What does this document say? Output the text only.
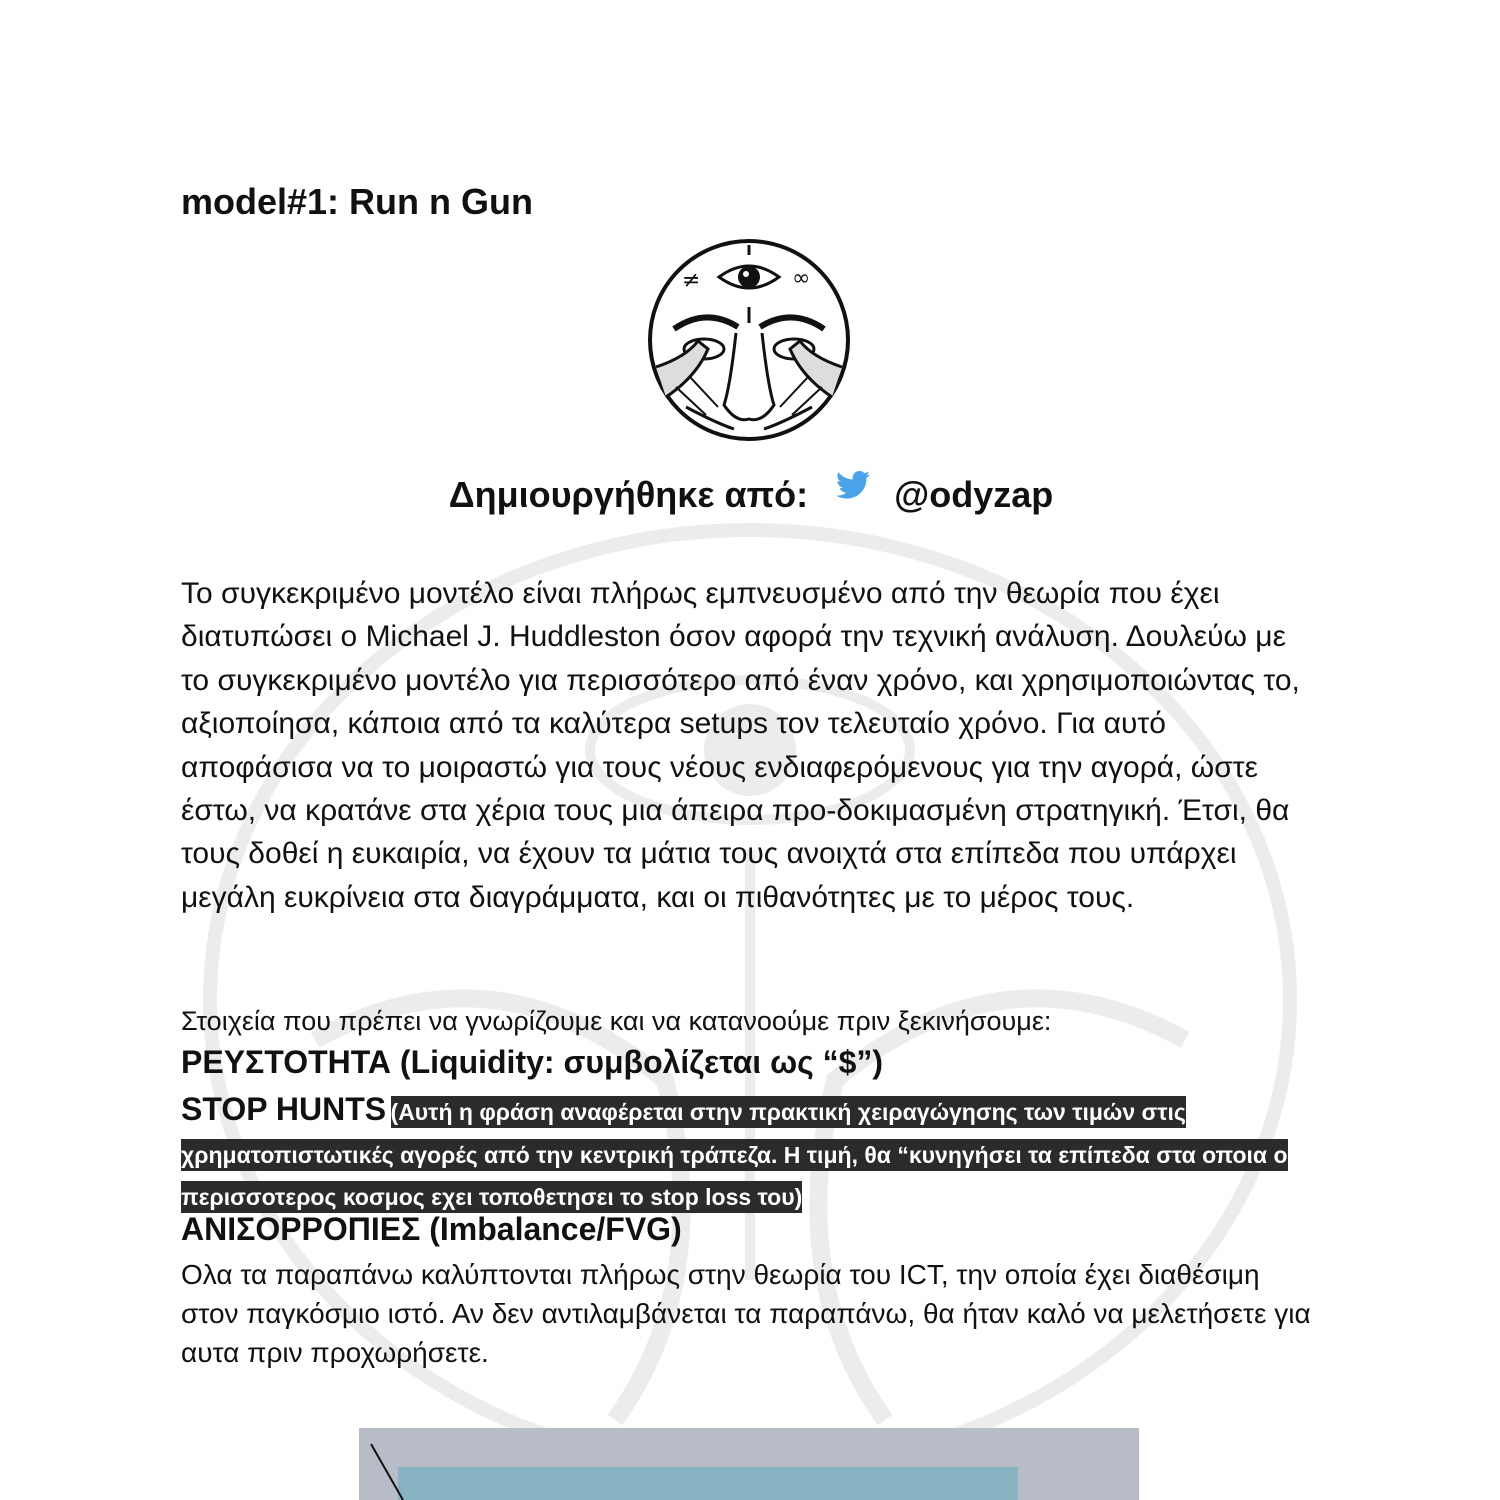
model#1: Run n Gun
≠	∞
Δημιουργήθηκε από: @odyzap

Το συγκεκριμένο μοντέλο είναι πλήρως εμπνευσμένο από την θεωρία που έχει διατυπώσει ο Michael J. Huddleston όσον αφορά την τεχνική ανάλυση. Δουλεύω με το συγκεκριμένο μοντέλο για περισσότερο από έναν χρόνο, και χρησιμοποιώντας το, αξιοποίησα, κάποια από τα καλύτερα setups τον τελευταίο χρόνο. Για αυτό αποφάσισα να το μοιραστώ για τους νέους ενδιαφερόμενους για την αγορά, ώστε έστω, να κρατάνε στα χέρια τους μια άπειρα προ-δοκιμασμένη στρατηγική. Έτσι, θα τους δοθεί η ευκαιρία, να έχουν τα μάτια τους ανοιχτά στα επίπεδα που υπάρχει μεγάλη ευκρίνεια στα διαγράμματα, και οι πιθανότητες με το μέρος τους.

Στοιχεία που πρέπει να γνωρίζουμε και να κατανοούμε πριν ξεκινήσουμε:

ΡΕΥΣΤΟΤΗΤΑ (Liquidity: συμβολίζεται ως “$”)

STOP HUNTS (Αυτή η φράση αναφέρεται στην πρακτική χειραγώγησης των τιμών στις χρηματοπιστωτικές αγορές από την κεντρική τράπεζα. Η τιμή, θα “κυνηγήσει τα επίπεδα στα οποια ο περισσοτερος κοσμος εχει τοποθετησει το stop loss του)

ΑΝΙΣΟΡΡΟΠΙΕΣ (Imbalance/FVG)

Ολα τα παραπάνω καλύπτονται πλήρως στην θεωρία του ICT, την οποία έχει διαθέσιμη στον παγκόσμιο ιστό. Αν δεν αντιλαμβάνεται τα παραπάνω, θα ήταν καλό να μελετήσετε για αυτα πριν προχωρήσετε.
